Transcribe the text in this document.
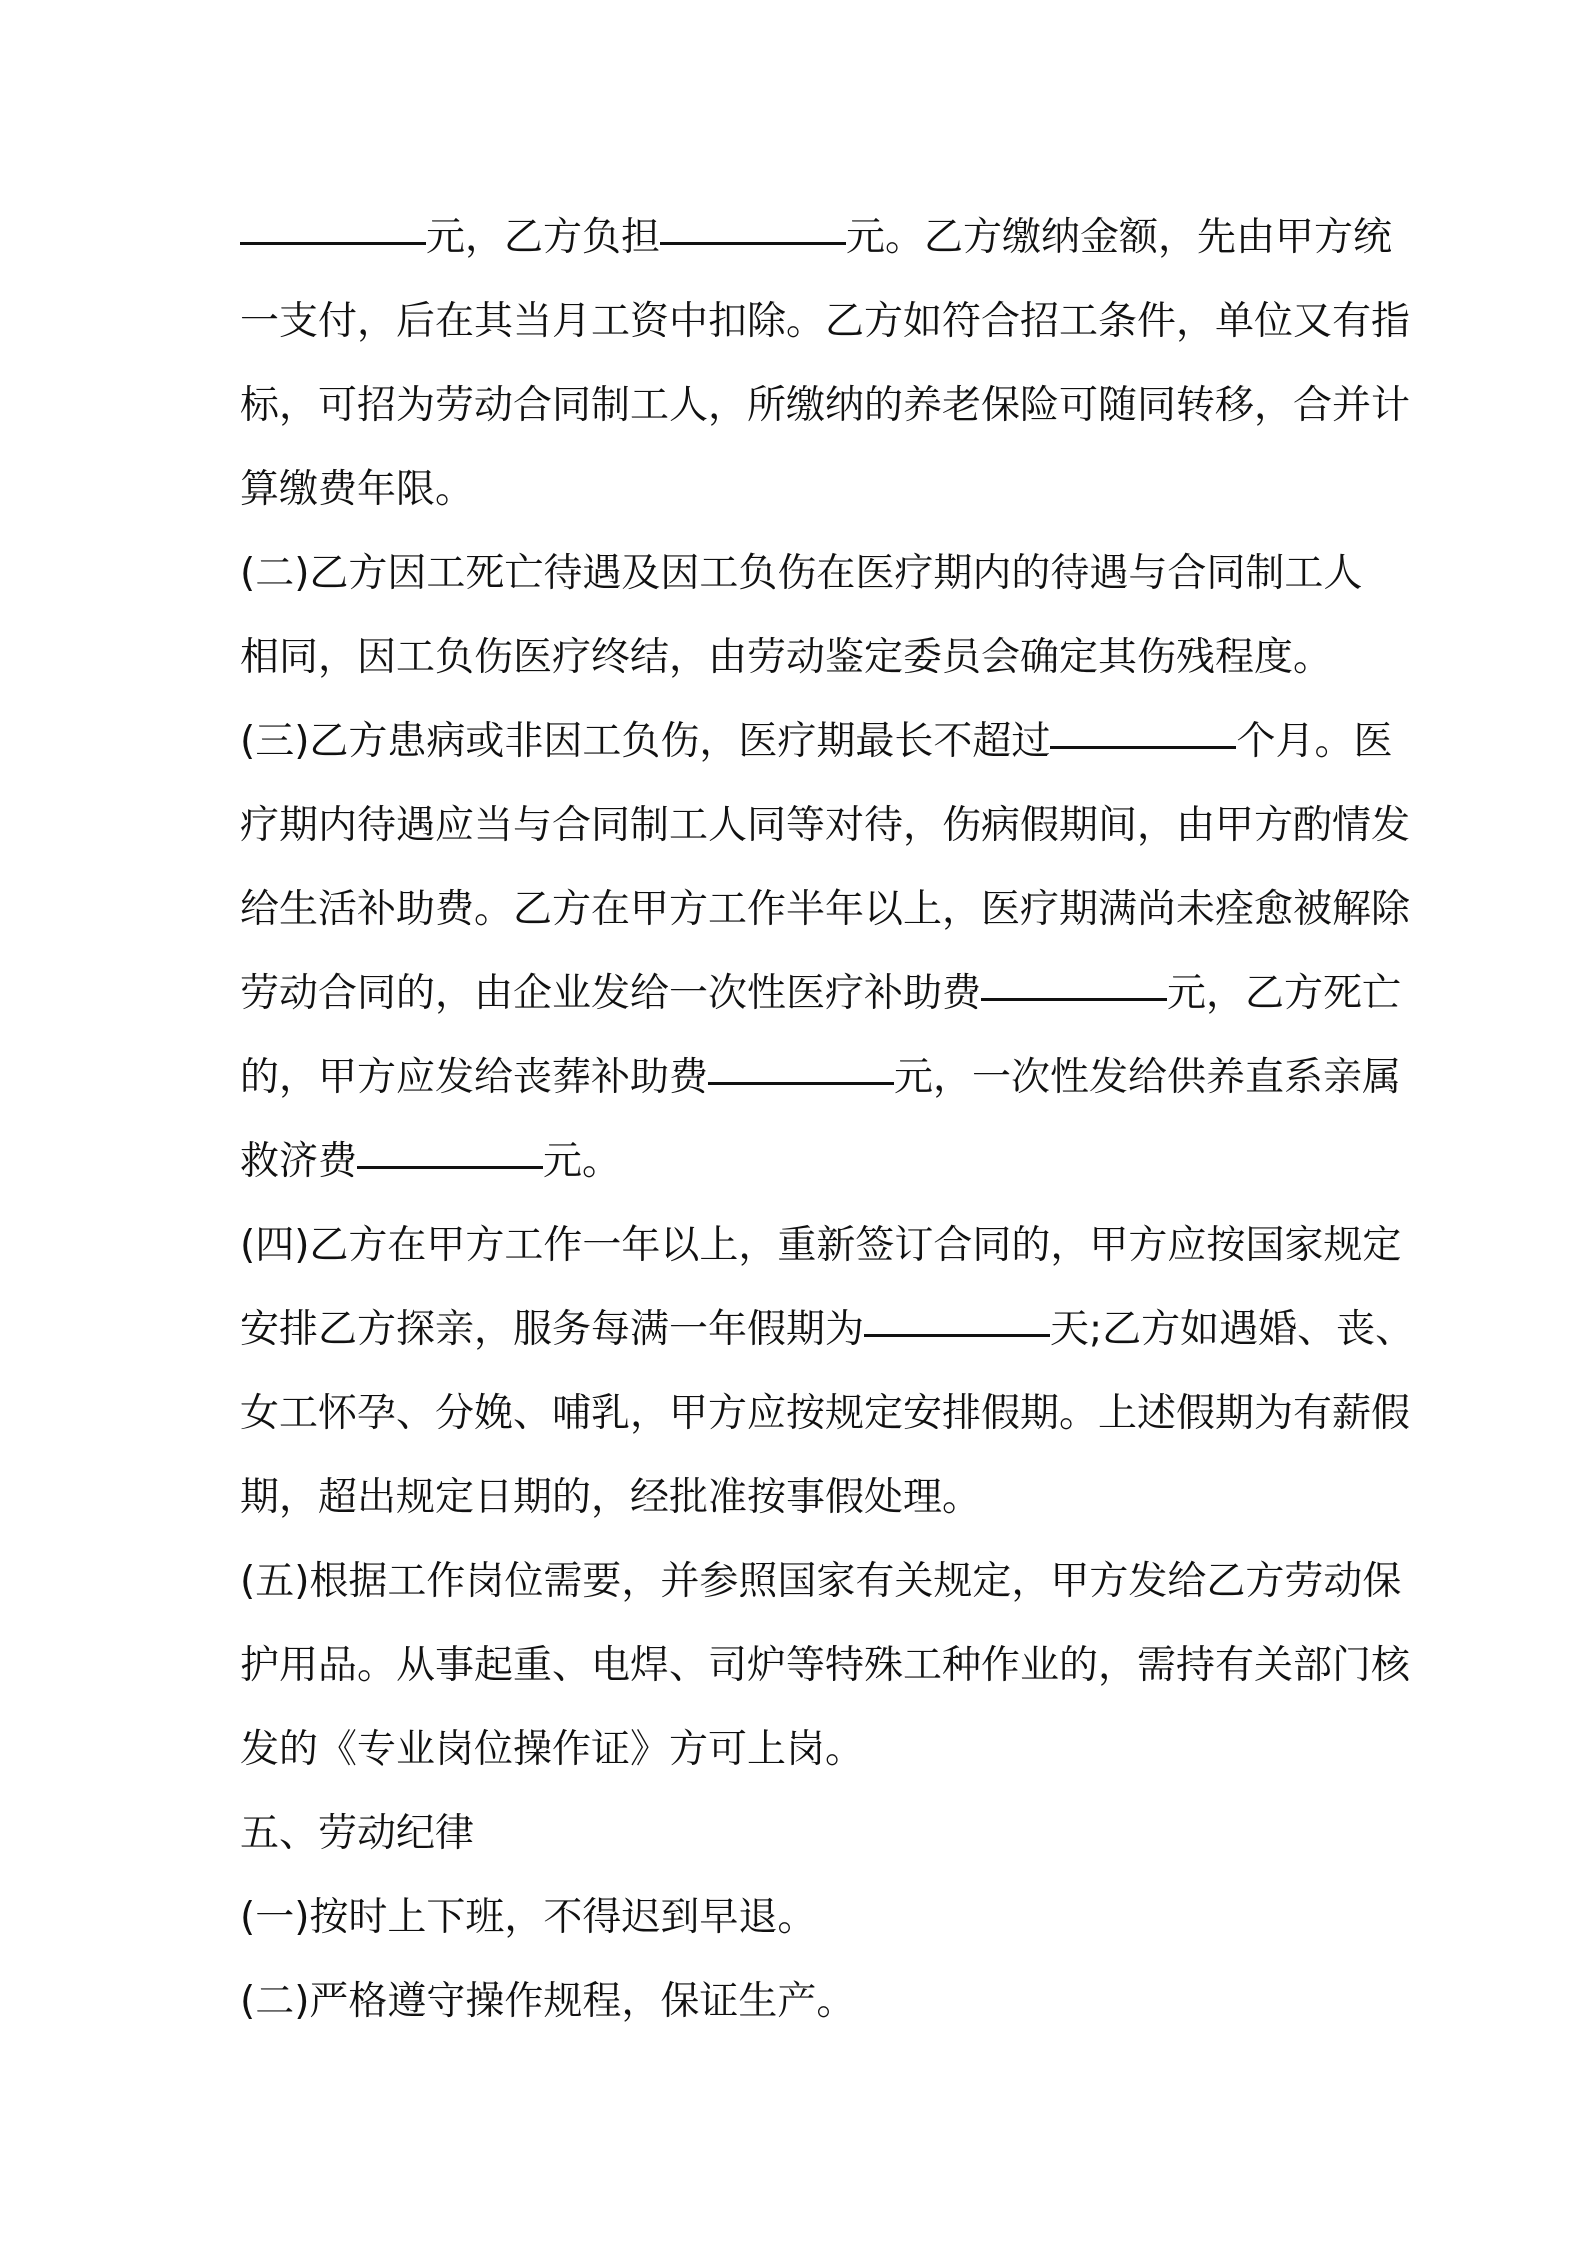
元，乙方负担	元。乙方缴纳金额，先由甲方统
一支付，后在其当月工资中扣除。乙方如符合招工条件，单位又有指
标，可招为劳动合同制工人，所缴纳的养老保险可随同转移，合并计
算缴费年限。
(二)乙方因工死亡待遇及因工负伤在医疗期内的待遇与合同制工人
相同，因工负伤医疗终结，由劳动鉴定委员会确定其伤残程度。
(三)乙方患病或非因工负伤，医疗期最长不超过	个月。医
疗期内待遇应当与合同制工人同等对待，伤病假期间，由甲方酌情发
给生活补助费。乙方在甲方工作半年以上，医疗期满尚未痊愈被解除
劳动合同的，由企业发给一次性医疗补助费	元，乙方死亡
的，甲方应发给丧葬补助费	元，一次性发给供养直系亲属
救济费	元。
(四)乙方在甲方工作一年以上，重新签订合同的，甲方应按国家规定
安排乙方探亲，服务每满一年假期为	天;乙方如遇婚、丧、
女工怀孕、分娩、哺乳，甲方应按规定安排假期。上述假期为有薪假
期，超出规定日期的，经批准按事假处理。
(五)根据工作岗位需要，并参照国家有关规定，甲方发给乙方劳动保
护用品。从事起重、电焊、司炉等特殊工种作业的，需持有关部门核
发的《专业岗位操作证》方可上岗。
五、劳动纪律
(一)按时上下班，不得迟到早退。
(二)严格遵守操作规程，保证生产。
